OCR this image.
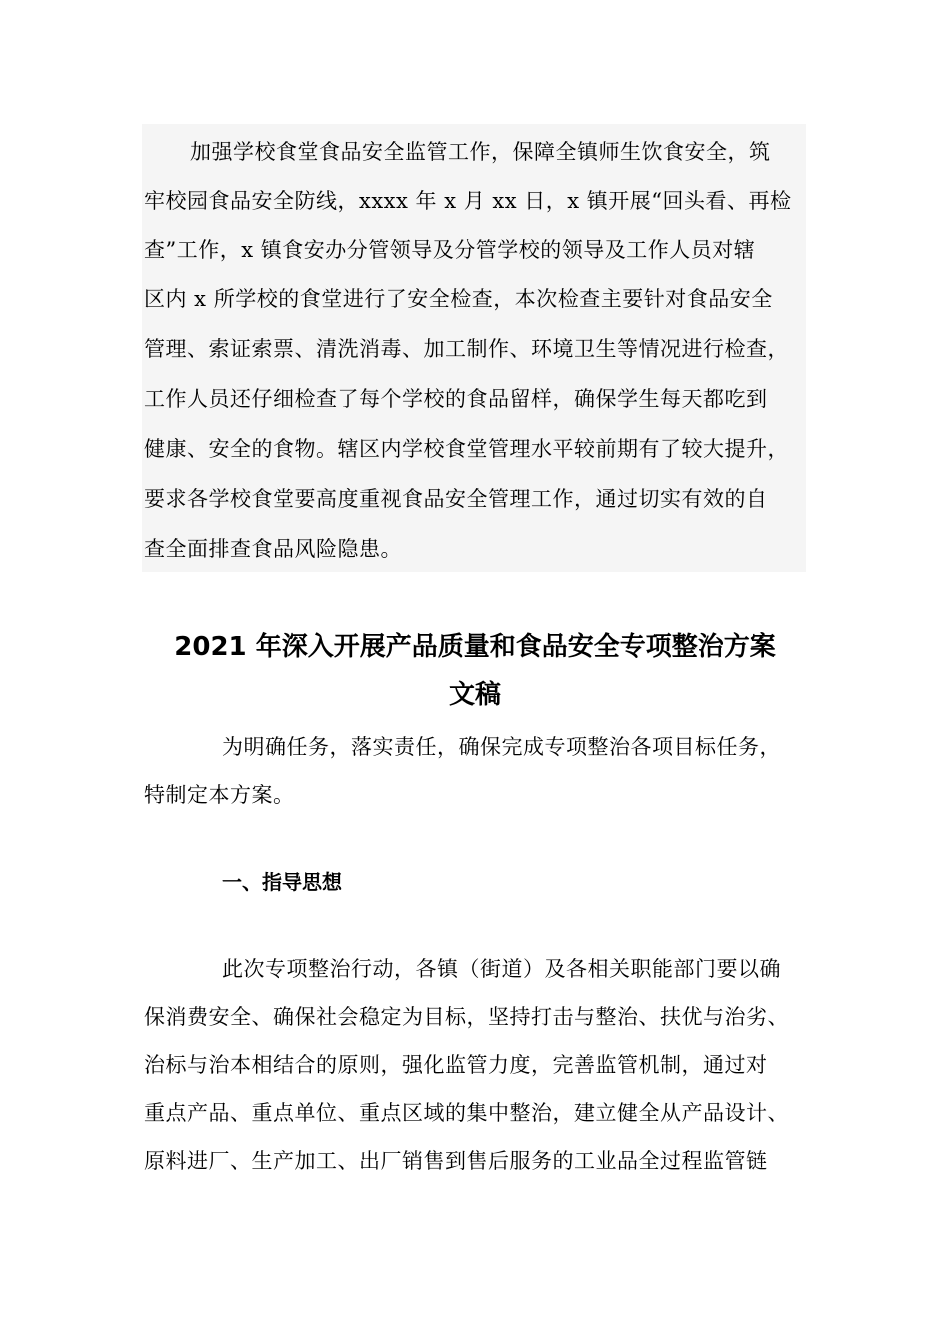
加强学校食堂食品安全监管工作，保障全镇师生饮食安全，筑
牢校园食品安全防线，xxxx 年 x 月 xx 日，x 镇开展“回头看、再检
查”工作，x 镇食安办分管领导及分管学校的领导及工作人员对辖
区内 x 所学校的食堂进行了安全检查，本次检查主要针对食品安全
管理、索证索票、清洗消毒、加工制作、环境卫生等情况进行检查，
工作人员还仔细检查了每个学校的食品留样，确保学生每天都吃到
健康、安全的食物。辖区内学校食堂管理水平较前期有了较大提升，
要求各学校食堂要高度重视食品安全管理工作，通过切实有效的自
查全面排查食品风险隐患。
2021 年深入开展产品质量和食品安全专项整治方案
文稿
为明确任务，落实责任，确保完成专项整治各项目标任务，
特制定本方案。
一、指导思想
此次专项整治行动，各镇（街道）及各相关职能部门要以确
保消费安全、确保社会稳定为目标，坚持打击与整治、扶优与治劣、
治标与治本相结合的原则，强化监管力度，完善监管机制，通过对
重点产品、重点单位、重点区域的集中整治，建立健全从产品设计、
原料进厂、生产加工、出厂销售到售后服务的工业品全过程监管链
